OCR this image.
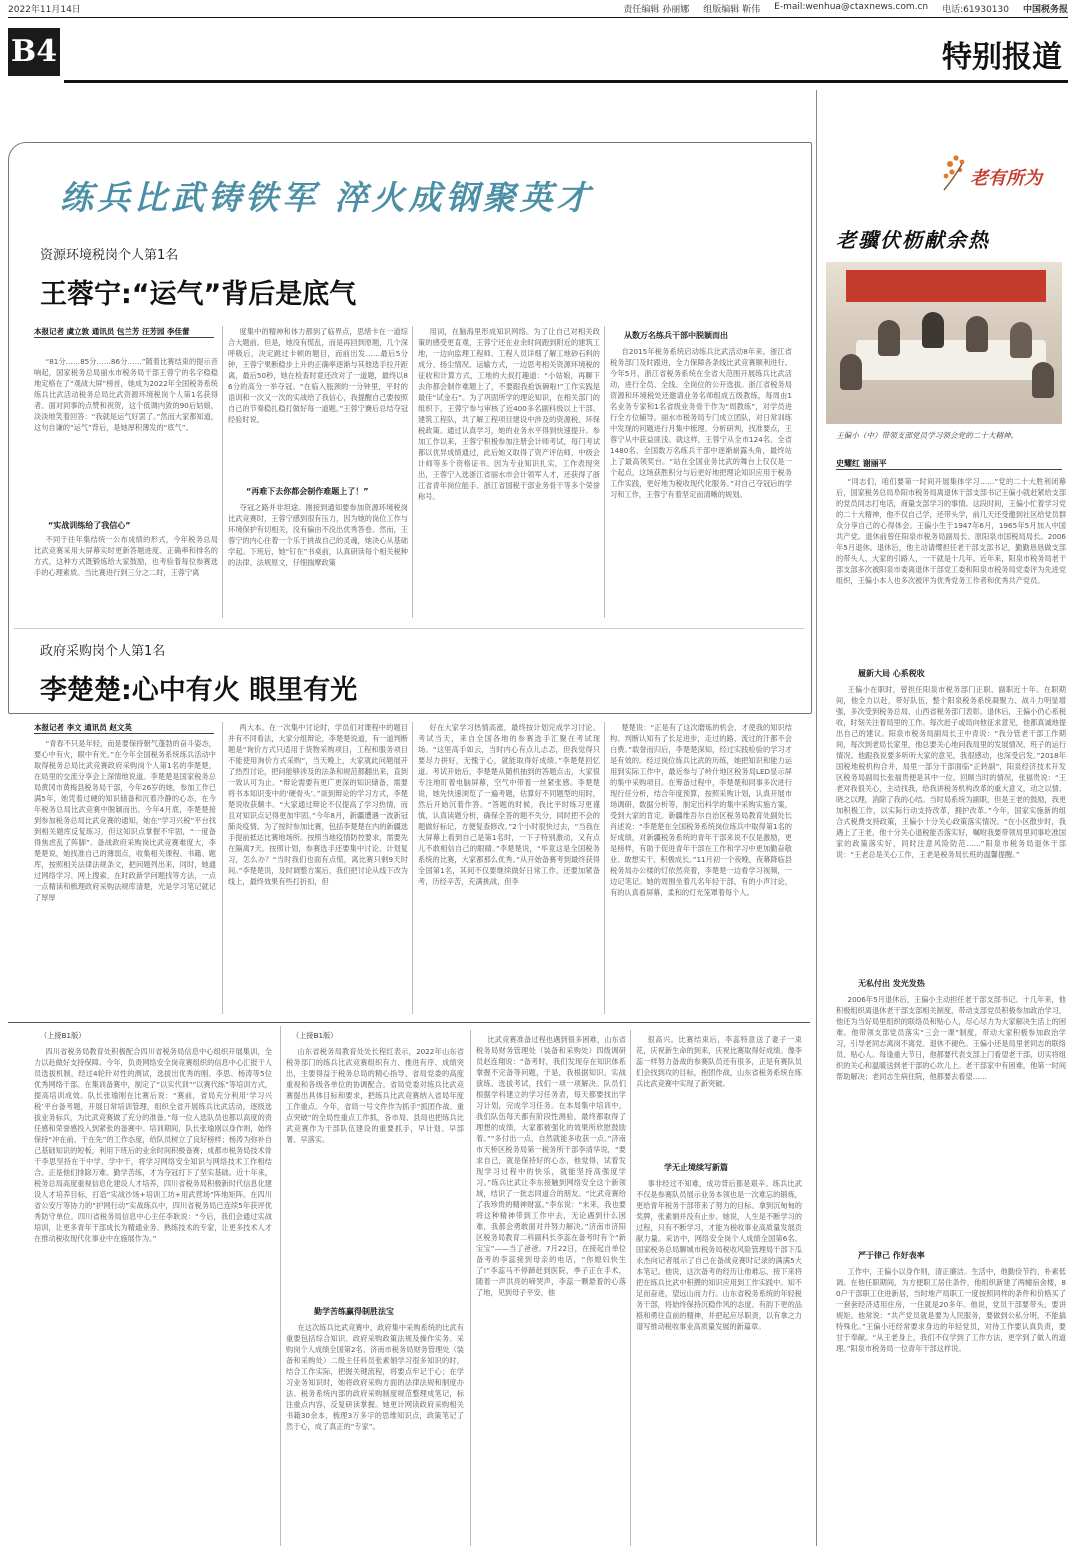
2022年11月14日	责任编辑 孙丽娜 组版编辑 靳伟 E-mail:wenhua@ctaxnews.com.cn 电话:61930130 中国税务报
B4	特别报道
练兵比武铸铁军 淬火成钢聚英才
资源环境税岗个人第1名
王蓉宁:“运气”背后是底气
本报记者 虞立敦 通讯员 包兰芳 汪芳园 李佳蕾

“81分……85分……86分……”随着比赛结束的提示音响起，国家税务总局丽水市税务局干部王蓉宁的名字稳稳地定格在了“观战大屏”榜首，她成为2022年全国税务系统练兵比武活动税务总局比武资源环境税岗个人第1名获得者。面对同事的点赞和祝贺，这个低调内敛的90后姑娘，淡淡地笑着回答：“我就是运气好罢了。”然而大家都知道，这句自谦的“运气”背后，是她厚积薄发的“底气”。

“实战训练给了我信心”

不同于往年集结统一公布成绩的形式，今年税务总局比武竞赛采用大屏幕实时更新答题进度、正确率和排名的方式，这种方式既锻炼给大家鼓励，也考验着每位参赛选手的心理素质。当比赛进行到三分之二时，王蓉宁离

度集中的精神和体力都到了临界点，思绪卡在一道综合大题前。但是，她没有慌乱，而是再回到原题，几个深呼吸后，决定跳过卡顿的题目，而前出发……最后5分钟，王蓉宁果断稳步上升的正确率逐渐与其他选手拉开距离，最后50秒，她在检查时竟还改对了一道题，最终以86分的高分一举夺冠。“在临入瓶颈的一分钟里，平时的语训和一次又一次的实战给了我信心，我提醒自己要按照自己的节奏稳扎稳打做好每一道题。”王蓉宁賽后总结夺冠经验时说。

“再难下去你都会制作难题上了！”

夺冠之路并非坦途。刚接到通知要参加资源环境税岗比武竞赛时，王蓉宁感到很有压力，因为她的岗位工作与环境保护有切相关，没有偏由不没出优秀答卷。然而，王蓉宁的内心住着一个乐于挑战自己的灵魂，她决心从基础学起。下班后，她“钉在”书桌前，认真研读每个相关税种的法律、法规原文，仔细揣摩政策

用词，在脑海里形成知识网络。为了让自己对相关政策的感受更直观，王蓉宁还在业余时间跑到附近的建筑工地，一边向监理工程师、工程人员详细了解工地砂石料的成分、扬尘情况、运输方式，一边思考相关资源环境税的征收和计算方式，工地的大叔打趣道：“小姑娘，再聊下去你都会制作难题上了，不要跟我抢饭碗啦!”工作实践是最佳“试金石”。为了巩固所学的理论知识，在相关部门的组织下，王蓉宁参与审核了近400多名副科级以上干部、建筑工程队，共了解工程项目建设中涉及的资源税、环保税政策。通过认真学习，她的业务水平得到快速提升。参加工作以来，王蓉宁积极参加注册会计师考试，每门考试都以优异成绩通过，此后她又取得了资产评估师、中级会计师等多个资格证书。因为专业知识扎实，工作表现突出，王蓉宁入选浙江省丽水市会计领军人才，还获得了浙江省青年岗位能手、浙江省国税干部业务骨干等多个荣誉称号。

从数万名练兵干部中脱颖而出

自2015年税务系统启动练兵比武活动8年来，浙江省税务部门及时跟进，全力保障各条线比武竞赛顺利进行。今年5月，浙江省税务系统在全省大范围开展练兵比武活动，进行全员、全线、全岗位的公开选拔。浙江省税务局资源和环境税处还邀请业务名师组成五级教练，每周由1名业务专家和1名省级业务骨干作为“周教练”，对学员进行全方位辅导。丽水市税务局专门成立团队，对日常训练中发现的问题进行月集中梳理、分析研判，找准要点，王蓉宁从中获益匪浅。就这样，王蓉宁从全市124名、全省1480名、全国数万名练兵干部中逐渐崭露头角，最终站上了最高领奖台。“站在全国业务比武的舞台上仅仅是一个起点，这场获胜积分与后更好地把理论知识应用于税务工作实践，更好地为税收现代化服务。”对自己夺冠后的学习和工作，王蓉宁有着坚定而清晰的规划。

政府采购岗个人第1名
李楚楚:心中有火 眼里有光
本报记者 李文 通讯员 赵文英

“青春不只是年轻，而是要保持朝气蓬勃的奋斗姿态，要心中有火，眼中有光。”在今年全国税务系统练兵活动中取得税务总局比武竞赛政府采购岗个人第1名的李楚楚，在局里的交流分享会上深情地说道。李楚楚是国家税务总局黄冈市黄梅县税务局干部，今年26岁的她，参加工作已满5年，她凭着过硬的知识储备和沉着冷静的心态，在今年税务总局比武竞赛中脱颖而出。今年4月底，李楚楚接到参加税务总局比武竞赛的通知，她在“学习兴税”平台找到相关题库反复练习，但这知识点掌握不牢固，“一度备得焦虑乱了阵脚”。备战政府采购岗比武竞赛难度大，李楚楚说，她找准自己的薄弱点，收集相关课程、书籍、题库，按照相关法律法规条文，把问题列出来，同时，她通过网络学习、网上搜索，在时政新学问题找等方法，一点一点精读和梳理政府采购法规库清楚，光是学习笔记就记了厚厚

两大本。在一次集中讨论时，学员们对课程中的题目并有不同看法，大家分组辩论，李楚楚说道，有一道判断题是“询价方式只适用于货物采购项目，工程和服务项目不能使用询价方式采购”，当天晚上，大家就此问题展开了热烈讨论，把问能够涉及的法条和规范都翻出来，直到一致认可为止。“辩论需要有更广更深的知识储备，需要将书本知识变中的‘硬骨头’。”谈到辩论的学习方式，李楚楚说收获颇丰。“大家通过辩论不仅提高了学习热情，而且对知识点记得更加牢固。”今年8月，新疆遭遇一波新冠肺炎疫情。为了按时参加比赛，包括李楚楚在内的新疆选手提前抵达比赛地场所。按照当地疫情防控要求，需要先在隔离7天。按照计划，参赛选手还要集中讨论、计划复习，怎么办？“当时我们也面有点慌，离比赛只剩9天时间。”李楚楚说，及时调整方案后，我们把讨论从线下改为线上，最终效果有些打折扣，但

好在大家学习热情高涨，最终按计划完成学习讨论。考试当天，来自全国各地的参赛选手汇聚在考试现场。“这里高手如云，当时内心有点儿忐忑，但我觉得只要尽力拼好，无愧于心，就能取得好成绩。”李楚楚回忆道。考试开始后，李楚楚从随机抽到的答题点击，大家很专注地盯着电脑屏幕，空气中带着一丝紧张感。李楚楚说，她先快速浏览了一遍考题，估算好不同题型的用时，然后开始沉着作答。“答题的时候，我比平时练习更谨慎，认真读题分析，确保全答的题不失分，同时把不会的题做好标记，方便复查修改。”2个小时很快过去，“当我在大屏幕上看到自己是第1名时，一下子特别激动，又有点儿不敢相信自己的眼睛。”李楚楚说，“毕竟这是全国税务系统的比赛，大家都那么优秀。”从开始备赛考到最终获得全国第1名，其间不仅要继续做好日常工作，还要加紧备考，历经辛苦，充满挑战，但李

楚楚说：“正是有了这次磨炼的机会，才使我的知识结构、判断认知有了长足进步，走过的路、流过的汗都不会白费。”载誉而归后，李楚楚深知，经过实践检验的学习才是有效的。经过岗位练兵比武的历练，她把知识和能力运用到实际工作中，最近参与了岭什地区税务局LED显示屏的集中采购项目。在筹备过程中，李楚楚和同事多次进行现行任分析，结合年度预算，按照采购计划，认真开展市场调研、数据分析等，制定出科学的集中采购实施方案，受到大家的肯定。新疆维吾尔自治区税务局教育处副处长肖述说：“李楚楚在全国税务系统岗位练兵中取得第1名的好成绩，对新疆税务系统的青年干部来说不仅是激励，更是榜样，有助于促进青年干部在工作和学习中更加勤奋敬业、敢想实干、积极成长。”11月初一个夜晚，夜幕降临县税务局办公楼的灯依然亮着，李楚楚一边看学习视频，一边记笔记。她的周围坐着几名年轻干部，有的小声讨论，有的认真看屏幕，柔和的灯光笼罩着每个人。

（上接B1版）

四川省税务局教育处积极配合四川省税务局信息中心组织开展集训，全力以赴做好支持保障。今年，负责网络安全岗竞赛组织的信息中心汇报干人员选拔机制，经过4轮针对性的测试，选拔出优秀的刚、李思、杨涛等5位优秀网络干部。在集训备赛中，制定了“以实代训”“以赛代练”等培训方式，提高培训成效。队长张瑜刚在比赛后说：“赛前，省局充分利用‘学习兴税’平台备考题，开展日常培训管理，组织全省开展练兵比武活动，逐级选拔业务标兵，为比武竞赛做了充分的准备。”每一位入选队员也都以高度的责任感和荣誉感投入到紧张的备赛中。培训期间，队长张瑜刚以身作则，始终保持“冲在前、干在先”的工作态度，给队员树立了良好榜样；杨涛为弥补自己基础知识的短板，利用下班后的业余时间积极备赛；成都市税务局技术骨干李思坚持在干中学、学中干，将学习网络安全知识与网络技术工作相结合。正是他们排除万难、勤学苦练，才为夺冠打下了坚实基础。近十年来，税务总局高度重视信息化建设人才培养，四川省税务局积极新时代信息化建设人才培养目标，打造“实战沙场+培训工坊+用武营场”阵地矩阵。在四川省公安厅等协力的“护网行动”实战练兵中，四川省税务局已连续5年获评优秀防守单位。四川省税务局信息中心主任李耿说：“今后，我们会通过实战培训，让更多青年干部成长为精通业务、熟练技术的专家，让更多技术人才在推动税收现代化事业中在施展作为。”

（上接B1版）

山东省税务局教育处处长程红表示，2022年山东省税务部门的练兵比武竞赛组织有力、推进有序、成绩突出，主要得益于税务总局的精心指导、省局党委的高度重视和各级各单位的协调配合。省局党委对练兵比武竞赛提出具体目标和要求，把练兵比武竞赛纳入省局年度工作重点。今年，省局一号文件作为抓手“抓团作战、重点突破”的全局性重点工作抓，各市局、县局也把练兵比武竞赛作为干部队伍建设的重要抓手，早计划、早部署、早落实。

勤学苦练赢得制胜法宝

在这次练兵比武竞赛中，政府集中采购系统的比武有重要包括综合知识、政府采购政策法规及操作实务。采购岗个人成绩全国第2名、济南市税务局财务管理处（装备和采购处）二级主任科员张素娟学习很多知识的时，结合工作实际，把握关键流程，将要点牢记于心；在学习业务知识时，她将政府采购方面的法律法规和制度办法、税务系统内部的政府采购制度规范整理成笔记，标注重点内容，反复研读掌握。她更计网读政府采购相关书籍30余本，梳理3万多字的思维知识点，政策笔记了然于心，成了真正的“专家”。

比武竞赛准备过程也遇到很多困难，山东省税务局财务管理处（装备和采购处）四级调研员赵连翔说：“备考时，我们发现存在知识体系掌握不完备等问题，于是，我根据知识、实战演练、选拔考试，找们一项一项解决。队员们根据学科建立的学习任务表，每天都要找出学习计划，完成学习任务。在本局集中培训中，我们队伍每天都有阶段性测验，最终都取得了理想的成绩，大家都被强化的效果所欣慰鼓励着。”“多付出一点，自然就能多收获一点。”济南市天桥区税务局第一税务所干部李清华说，“要求自己，就是保持好的心态，他觉得，试着发现学习过程中的快乐，就能坚持高强度学习。”练兵比武让李东接触到网络安全这个新领域，结识了一批志同道合的朋友。“比武竞赛给了我珍贵的精神财富。”李东说：“未来，我也要将这种精神带到工作中去，无论遇到什么困难，我都会勇敢面对并努力解决。”济南市济阳区税务局教育二科副科长李蕊在备考时有个“新宝宝”——当了爸爸。7月22日，在接起自单位备考的李蕊接到母亲的电话，“你媳妇快生了!”李蕊马不停蹄赶到医院，季子正在手术，随着一声洪亮的啼哭声，李蕊一颗悬着的心落了地，见到母子平安，他

很高兴。比赛结束后，李蕊特意送了妻子一束花，庆祝新生命的到来，庆祝比赛取得好成绩。像李蕊一样努力备战的参赛队员还有很多，正是有赛队员们会找到攻的目标，抱团作战，山东省税务系统在练兵比武竞赛中实现了新突破。

学无止境续写新篇

事非经过不知难，成功背后都是艰辛。练兵比武不仅是参赛队员展示业务本领也是一次难忘的锻炼，更给青年税务干部带来了努力的目标。拿到沉甸甸的奖牌，张素娟并没有止步。她说，人生是不断学习的过程，只有不断学习，才能为税收事业高质量发展贡献力量。采访中，网络安全岗个人成绩全国第6名、国家税务总局聊城市税务局税收风险管理局干部下瓜永杰向记者展示了自己在备战竞赛时记录的满满5大本笔记。他说，这次备考的经历让他难忘，接下来将把在练兵比武中积攒的知识应用到工作实践中。知不足而奋进，望远山而力行。山东省税务系统的年轻税务干部，将始终保持沉稳作风的态度、有韵下更的品格和勇往直前的精神，并把起应尽职责，以有拿之力谱写推动税收事业高质量发展的新篇章。

老有所为
老骥伏枥献余热
王偏小（中）带领支部党员学习领会党的二十大精神。
史耀红 谢丽平

“同志们，咱们要第一时间开展集体学习……”党的二十大胜利闭幕后，国家税务总局阜阳市税务局离退休干部支部书记王偏小就赶紧给支部的党员同志打电话，商量支部学习的事情。这段时间，王偏小忙着学习党的二十大精神，他不仅自己学，还带头学，前几天还受邀到社区给党员群众分享自己的心得体会。王偏小生于1947年6月，1965年5月加入中国共产党。退休前曾任阳泉市税务局副局长、原阳泉市国税局局长。2006年5月退休。退休后，他主动请缨担任老干部支部书记，勤勤恳恳做支部的带头人、大家的引路人，一干就是十几年。近年来，阳泉市税务局老干部支部多次被阳泉市委离退休干部党工委和阳泉市税务局党委评为先进党组织，王偏小本人也多次被评为优秀党务工作者和优秀共产党员。

履新大局 心系税收

王偏小在职时，曾担任阳泉市税务部门正职、副职近十年。在职期间，他全力以赴，带好队伍，整个阳泉税务系统凝聚力、战斗力明显增强，多次受到税务总局、山西省税务部门表彰。退休后，王偏小仍心系税收，时刻关注着局里的工作。每次赶子或局向他征求意见，他都真诚地提出自己的建议。阳泉市税务局副局长王中青说：“我分管老干部工作期间，每次到老局长家里，他总要关心地问我局里的发展情况、班子的运行情况。他跟我说要多听听大家的意见，我很感动，也深受启发。”2018年国税地税机构合并，局里一部分干部面临“正转副”，阳泉经济技术开发区税务局副局长张福贵便是其中一位。回顾当时的情况，张福贵说：“王老对我很关心，主动找我，给我讲税务机构改革的重大意义，动之以情、晓之以理，消除了我的心结。当时局系统为副职，但是王老的鼓励，我更加积极工作，以实际行动支持改革，拥护改革。”今年，国家实施新的组合式税费支持政策，王偏小十分关心政策落实情况。“在小区散步时，我遇上了王老，他十分关心退税能否落实好，嘱咐我要带领局里同事吃准国家的政策落实好，同时注意风险防范……”阳泉市税务局退休干部说：“王老总是关心工作，王老是税务局长班的温馨提醒。”

无私付出 发光发热

2006年5月退休后，王偏小主动担任老干部支部书记。十几年来，他积极组织离退休老干部支部相关制度，带动支部党员积极参加政治学习，他还为当好局里组织的联络员和贴心人，尽心尽力为大家解决生活上的困难。他带领支部党员落实“三会一课”制度，带动大家积极参加政治学习，引导老同志离岗不离党、退休不褪色。王偏小还是局里老同志的联络员、贴心人。每逢重大节日，他都要代表支部上门看望老干部，切实将组织的关心和温暖送到老干部的心坎儿上。老干部家中有困难，他第一时间帮助解决；老同志生病住院，他都要去看望……

严于律己 作好表率

工作中，王偏小以身作则，清正廉洁。生活中，他勤俭节约、朴素低调。在他任职期间，为方便职工居住条件，他组织新建了两幢宿舍楼，80户干部职工住进新居，当时地产局职工一度按照同样的条件和价格买了一套套经济适用住房，一住就是20多年。他说，党员干部要带头，要讲规矩。他常说：“共产党员就是要为人民服务，要做到公私分明，不能搞特殊化。”王偏小还经常要求身边的年轻党员，对待工作要认真负责，要甘于奉献。“从王老身上，我们不仅学到了工作方法，更学到了做人的道理。”阳泉市税务局一位青年干部这样说。
